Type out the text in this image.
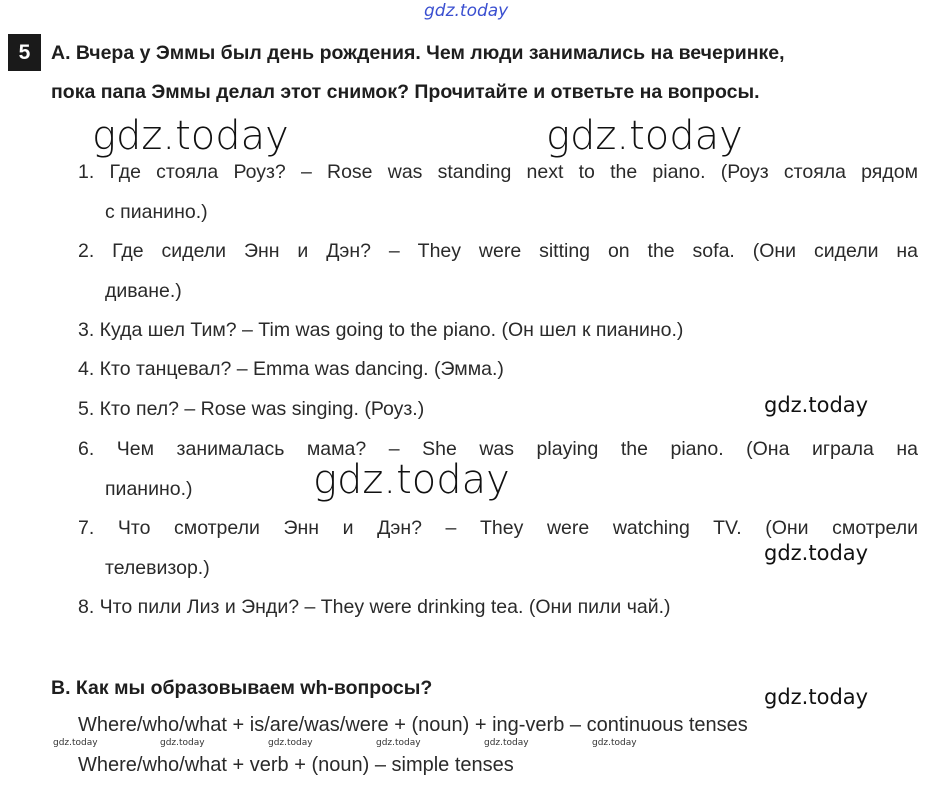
gdz.today
gdz.today	gdz.today
gdz.today
gdz.today
gdz.today
gdz.today
gdz.today	gdz.today	gdz.today	gdz.today	gdz.today	gdz.today
5	A. Вчера у Эммы был день рождения. Чем люди занимались на вечеринке,
пока папа Эммы делал этот снимок? Прочитайте и ответьте на вопросы.
1. Где стояла Роуз? – Rose was standing next to the piano. (Роуз стояла рядом
с пианино.)
2. Где сидели Энн и Дэн? – They were sitting on the sofa. (Они сидели на
диване.)
3. Куда шел Тим? – Tim was going to the piano. (Он шел к пианино.)
4. Кто танцевал? – Emma was dancing. (Эмма.)
5. Кто пел? – Rose was singing. (Роуз.)
6. Чем занималась мама? – She was playing the piano. (Она играла на
пианино.)
7. Что смотрели Энн и Дэн? – They were watching TV. (Они смотрели
телевизор.)
8. Что пили Лиз и Энди? – They were drinking tea. (Они пили чай.)
B. Как мы образовываем wh-вопросы?
Where/who/what + is/are/was/were + (noun) + ing-verb – continuous tenses
Where/who/what + verb + (noun) – simple tenses
